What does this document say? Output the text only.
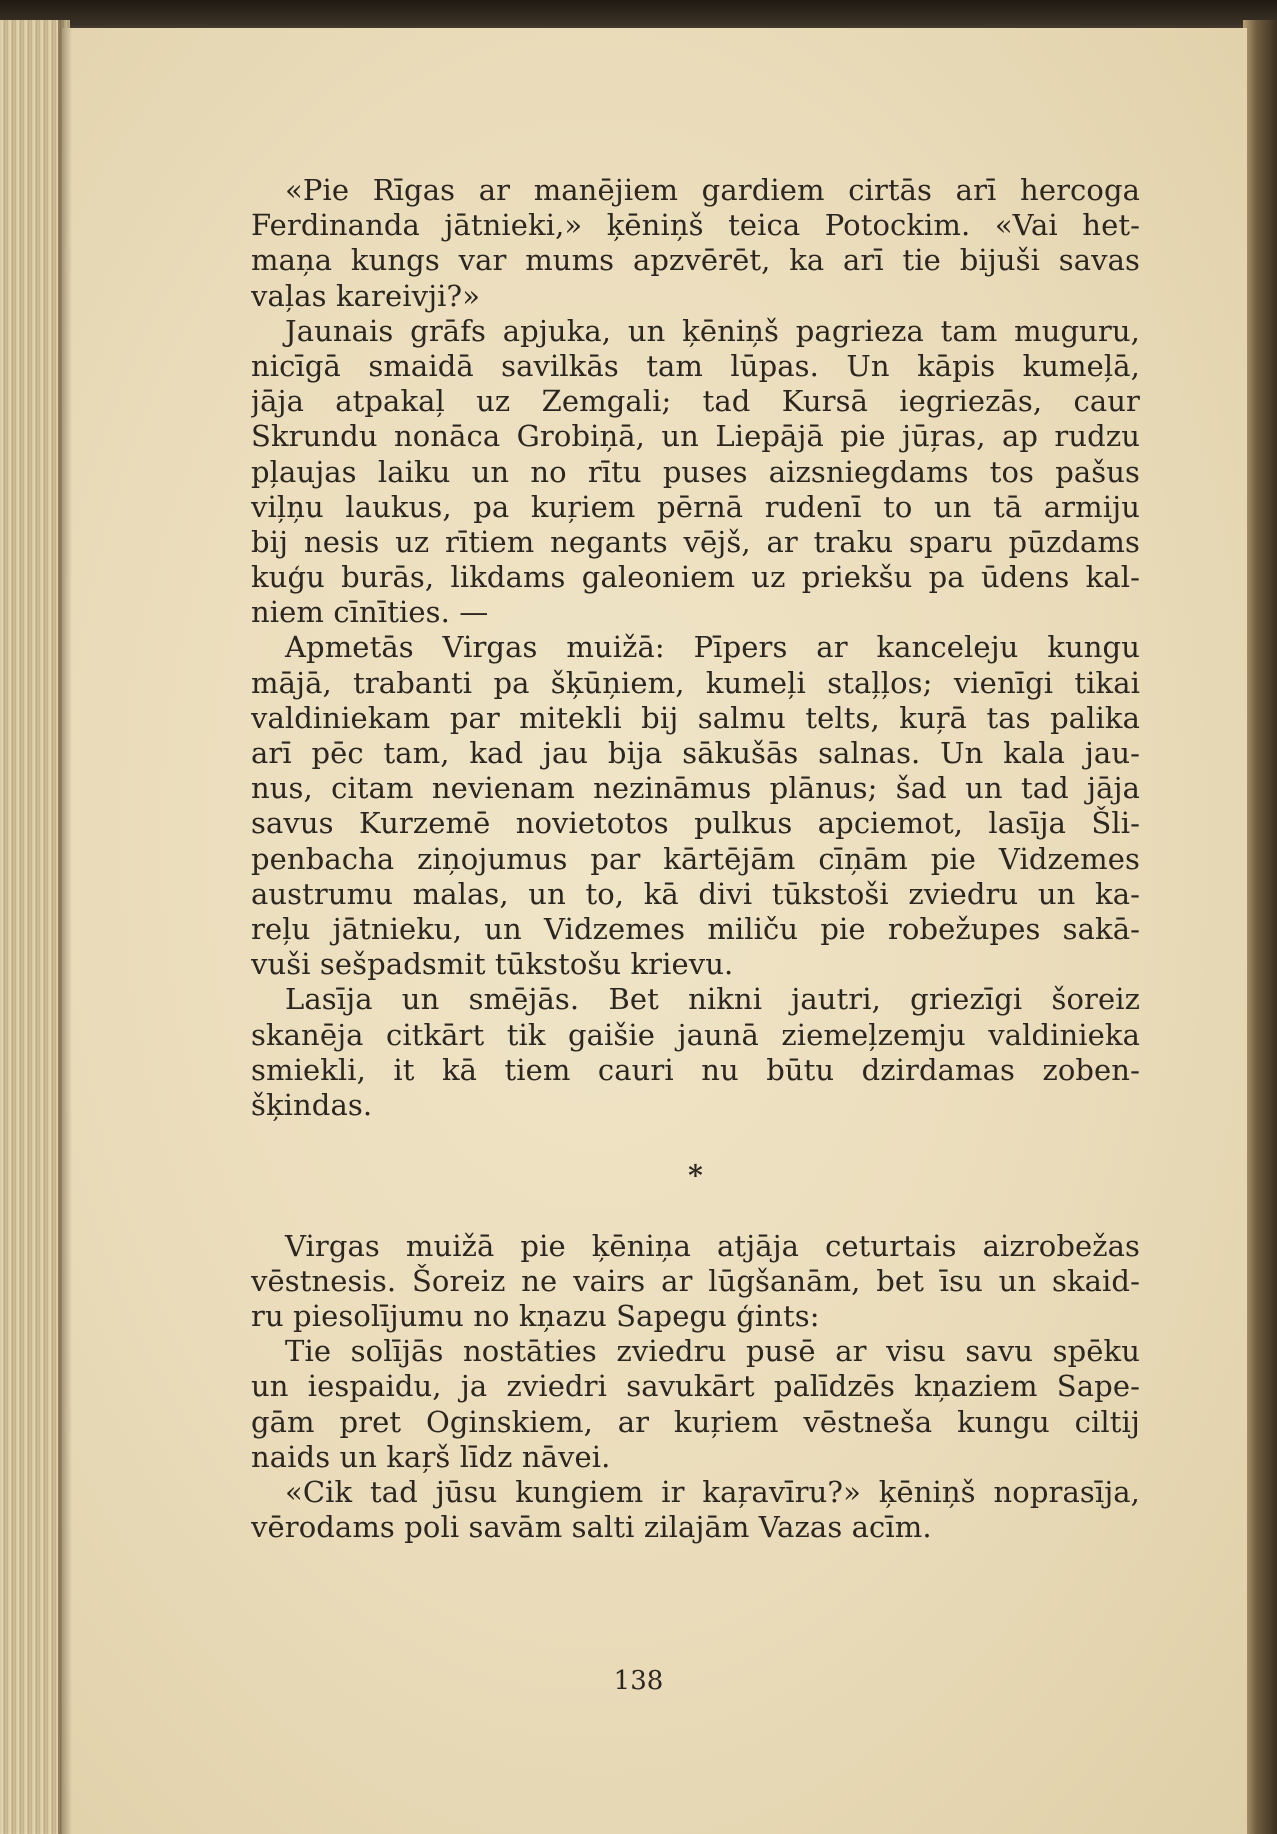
«Pie Rīgas ar manējiem gardiem cirtās arī hercoga
Ferdinanda jātnieki,» ķēniņš teica Potockim. «Vai het-
maņa kungs var mums apzvērēt, ka arī tie bijuši savas
vaļas kareivji?»
Jaunais grāfs apjuka, un ķēniņš pagrieza tam muguru,
nicīgā smaidā savilkās tam lūpas. Un kāpis kumeļā,
jāja atpakaļ uz Zemgali; tad Kursā iegriezās, caur
Skrundu nonāca Grobiņā, un Liepājā pie jūŗas, ap rudzu
pļaujas laiku un no rītu puses aizsniegdams tos pašus
viļņu laukus, pa kuŗiem pērnā rudenī to un tā armiju
bij nesis uz rītiem negants vējš, ar traku sparu pūzdams
kuģu burās, likdams galeoniem uz priekšu pa ūdens kal-
niem cīnīties. —
Apmetās Virgas muižā: Pīpers ar kanceleju kungu
mājā, trabanti pa šķūņiem, kumeļi staļļos; vienīgi tikai
valdiniekam par mitekli bij salmu telts, kuŗā tas palika
arī pēc tam, kad jau bija sākušās salnas. Un kala jau-
nus, citam nevienam nezināmus plānus; šad un tad jāja
savus Kurzemē novietotos pulkus apciemot, lasīja Šli-
penbacha ziņojumus par kārtējām cīņām pie Vidzemes
austrumu malas, un to, kā divi tūkstoši zviedru un ka-
reļu jātnieku, un Vidzemes miliču pie robežupes sakā-
vuši sešpadsmit tūkstošu krievu.
Lasīja un smējās. Bet nikni jautri, griezīgi šoreiz
skanēja citkārt tik gaišie jaunā ziemeļzemju valdinieka
smiekli, it kā tiem cauri nu būtu dzirdamas zoben-
šķindas.
*
Virgas muižā pie ķēniņa atjāja ceturtais aizrobežas
vēstnesis. Šoreiz ne vairs ar lūgšanām, bet īsu un skaid-
ru piesolījumu no kņazu Sapegu ģints:
Tie solījās nostāties zviedru pusē ar visu savu spēku
un iespaidu, ja zviedri savukārt palīdzēs kņaziem Sape-
gām pret Oginskiem, ar kuŗiem vēstneša kungu ciltij
naids un kaŗš līdz nāvei.
«Cik tad jūsu kungiem ir kaŗavīru?» ķēniņš noprasīja,
vērodams poli savām salti zilajām Vazas acīm.
138
